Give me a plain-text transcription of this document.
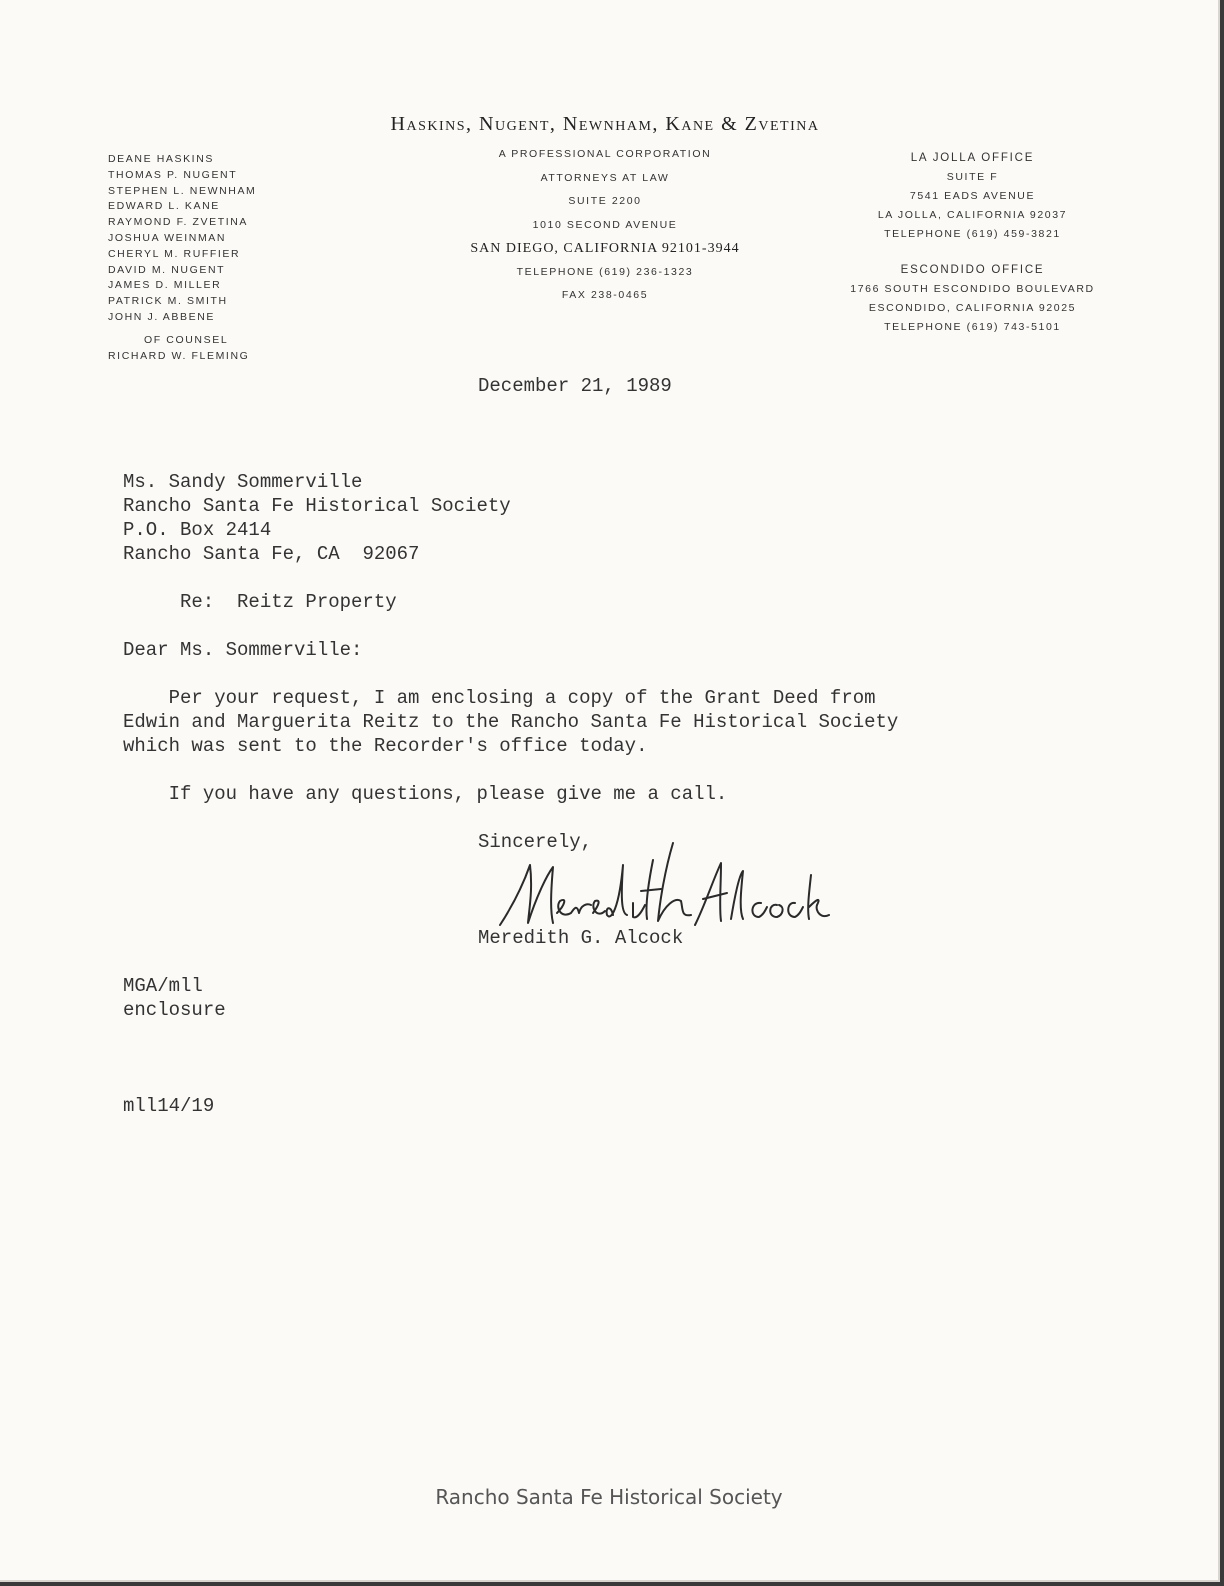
Haskins, Nugent, Newnham, Kane & Zvetina
DEANE HASKINS
THOMAS P. NUGENT
STEPHEN L. NEWNHAM
EDWARD L. KANE
RAYMOND F. ZVETINA
JOSHUA WEINMAN
CHERYL M. RUFFIER
DAVID M. NUGENT
JAMES D. MILLER
PATRICK M. SMITH
JOHN J. ABBENE
OF COUNSEL
RICHARD W. FLEMING
A PROFESSIONAL CORPORATION
ATTORNEYS AT LAW
SUITE 2200
1010 SECOND AVENUE
SAN DIEGO, CALIFORNIA 92101-3944
TELEPHONE (619) 236-1323
FAX 238-0465
LA JOLLA OFFICE
SUITE F
7541 EADS AVENUE
LA JOLLA, CALIFORNIA 92037
TELEPHONE (619) 459-3821
ESCONDIDO OFFICE
1766 SOUTH ESCONDIDO BOULEVARD
ESCONDIDO, CALIFORNIA 92025
TELEPHONE (619) 743-5101
December 21, 1989
Ms. Sandy Sommerville
Rancho Santa Fe Historical Society
P.O. Box 2414
Rancho Santa Fe, CA  92067
Re:  Reitz Property
Dear Ms. Sommerville:
Per your request, I am enclosing a copy of the Grant Deed from
Edwin and Marguerita Reitz to the Rancho Santa Fe Historical Society
which was sent to the Recorder's office today.
If you have any questions, please give me a call.
Sincerely,
Meredith G. Alcock
MGA/mll
enclosure
mll14/19
Rancho Santa Fe Historical Society
